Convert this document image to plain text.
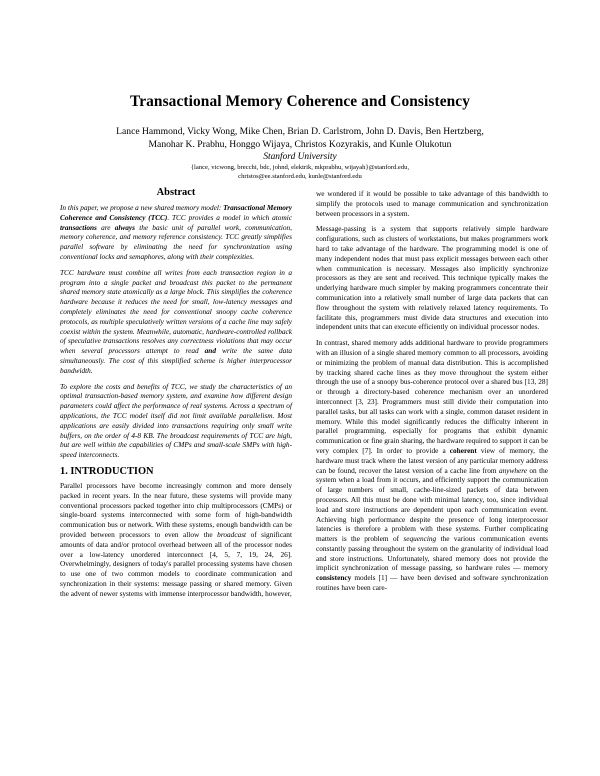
Transactional Memory Coherence and Consistency
Lance Hammond, Vicky Wong, Mike Chen, Brian D. Carlstrom, John D. Davis, Ben Hertzberg,
Manohar K. Prabhu, Honggo Wijaya, Christos Kozyrakis, and Kunle Olukotun
Stanford University
{lance, vicwong, brecchi, bdc, johnd, elektrik, mkprabhu, wijayah}@stanford.edu,
christos@ee.stanford.edu, kunle@stanford.edu
Abstract

In this paper, we propose a new shared memory model: Transactional Memory Coherence and Consistency (TCC). TCC provides a model in which atomic transactions are always the basic unit of parallel work, communication, memory coherence, and memory reference consistency. TCC greatly simplifies parallel software by eliminating the need for synchronization using conventional locks and semaphores, along with their complexities.

TCC hardware must combine all writes from each transaction region in a program into a single packet and broadcast this packet to the permanent shared memory state atomically as a large block. This simplifies the coherence hardware because it reduces the need for small, low-latency messages and completely eliminates the need for conventional snoopy cache coherence protocols, as multiple speculatively written versions of a cache line may safely coexist within the system. Meanwhile, automatic, hardware-controlled rollback of speculative transactions resolves any correctness violations that may occur when several processors attempt to read and write the same data simultaneously. The cost of this simplified scheme is higher interprocessor bandwidth.

To explore the costs and benefits of TCC, we study the characteristics of an optimal transaction-based memory system, and examine how different design parameters could affect the performance of real systems. Across a spectrum of applications, the TCC model itself did not limit available parallelism. Most applications are easily divided into transactions requiring only small write buffers, on the order of 4-8 KB. The broadcast requirements of TCC are high, but are well within the capabilities of CMPs and small-scale SMPs with high-speed interconnects.

1. INTRODUCTION

Parallel processors have become increasingly common and more densely packed in recent years. In the near future, these systems will provide many conventional processors packed together into chip multiprocessors (CMPs) or single-board systems interconnected with some form of high-bandwidth communication bus or network. With these systems, enough bandwidth can be provided between processors to even allow the broadcast of significant amounts of data and/or protocol overhead between all of the processor nodes over a low-latency unordered interconnect [4, 5, 7, 19, 24, 26]. Overwhelmingly, designers of today's parallel processing systems have chosen to use one of two common models to coordinate communication and synchronization in their systems: message passing or shared memory. Given the advent of newer systems with immense interprocessor bandwidth, however,

we wondered if it would be possible to take advantage of this bandwidth to simplify the protocols used to manage communication and synchronization between processors in a system.

Message-passing is a system that supports relatively simple hardware configurations, such as clusters of workstations, but makes programmers work hard to take advantage of the hardware. The programming model is one of many independent nodes that must pass explicit messages between each other when communication is necessary. Messages also implicitly synchronize processors as they are sent and received. This technique typically makes the underlying hardware much simpler by making programmers concentrate their communication into a relatively small number of large data packets that can flow throughout the system with relatively relaxed latency requirements. To facilitate this, programmers must divide data structures and execution into independent units that can execute efficiently on individual processor nodes.

In contrast, shared memory adds additional hardware to provide programmers with an illusion of a single shared memory common to all processors, avoiding or minimizing the problem of manual data distribution. This is accomplished by tracking shared cache lines as they move throughout the system either through the use of a snoopy bus-coherence protocol over a shared bus [13, 28] or through a directory-based coherence mechanism over an unordered interconnect [3, 23]. Programmers must still divide their computation into parallel tasks, but all tasks can work with a single, common dataset resident in memory. While this model significantly reduces the difficulty inherent in parallel programming, especially for programs that exhibit dynamic communication or fine grain sharing, the hardware required to support it can be very complex [7]. In order to provide a coherent view of memory, the hardware must track where the latest version of any particular memory address can be found, recover the latest version of a cache line from anywhere on the system when a load from it occurs, and efficiently support the communication of large numbers of small, cache-line-sized packets of data between processors. All this must be done with minimal latency, too, since individual load and store instructions are dependent upon each communication event. Achieving high performance despite the presence of long interprocessor latencies is therefore a problem with these systems. Further complicating matters is the problem of sequencing the various communication events constantly passing throughout the system on the granularity of individual load and store instructions. Unfortunately, shared memory does not provide the implicit synchronization of message passing, so hardware rules — memory consistency models [1] — have been devised and software synchronization routines have been care-
